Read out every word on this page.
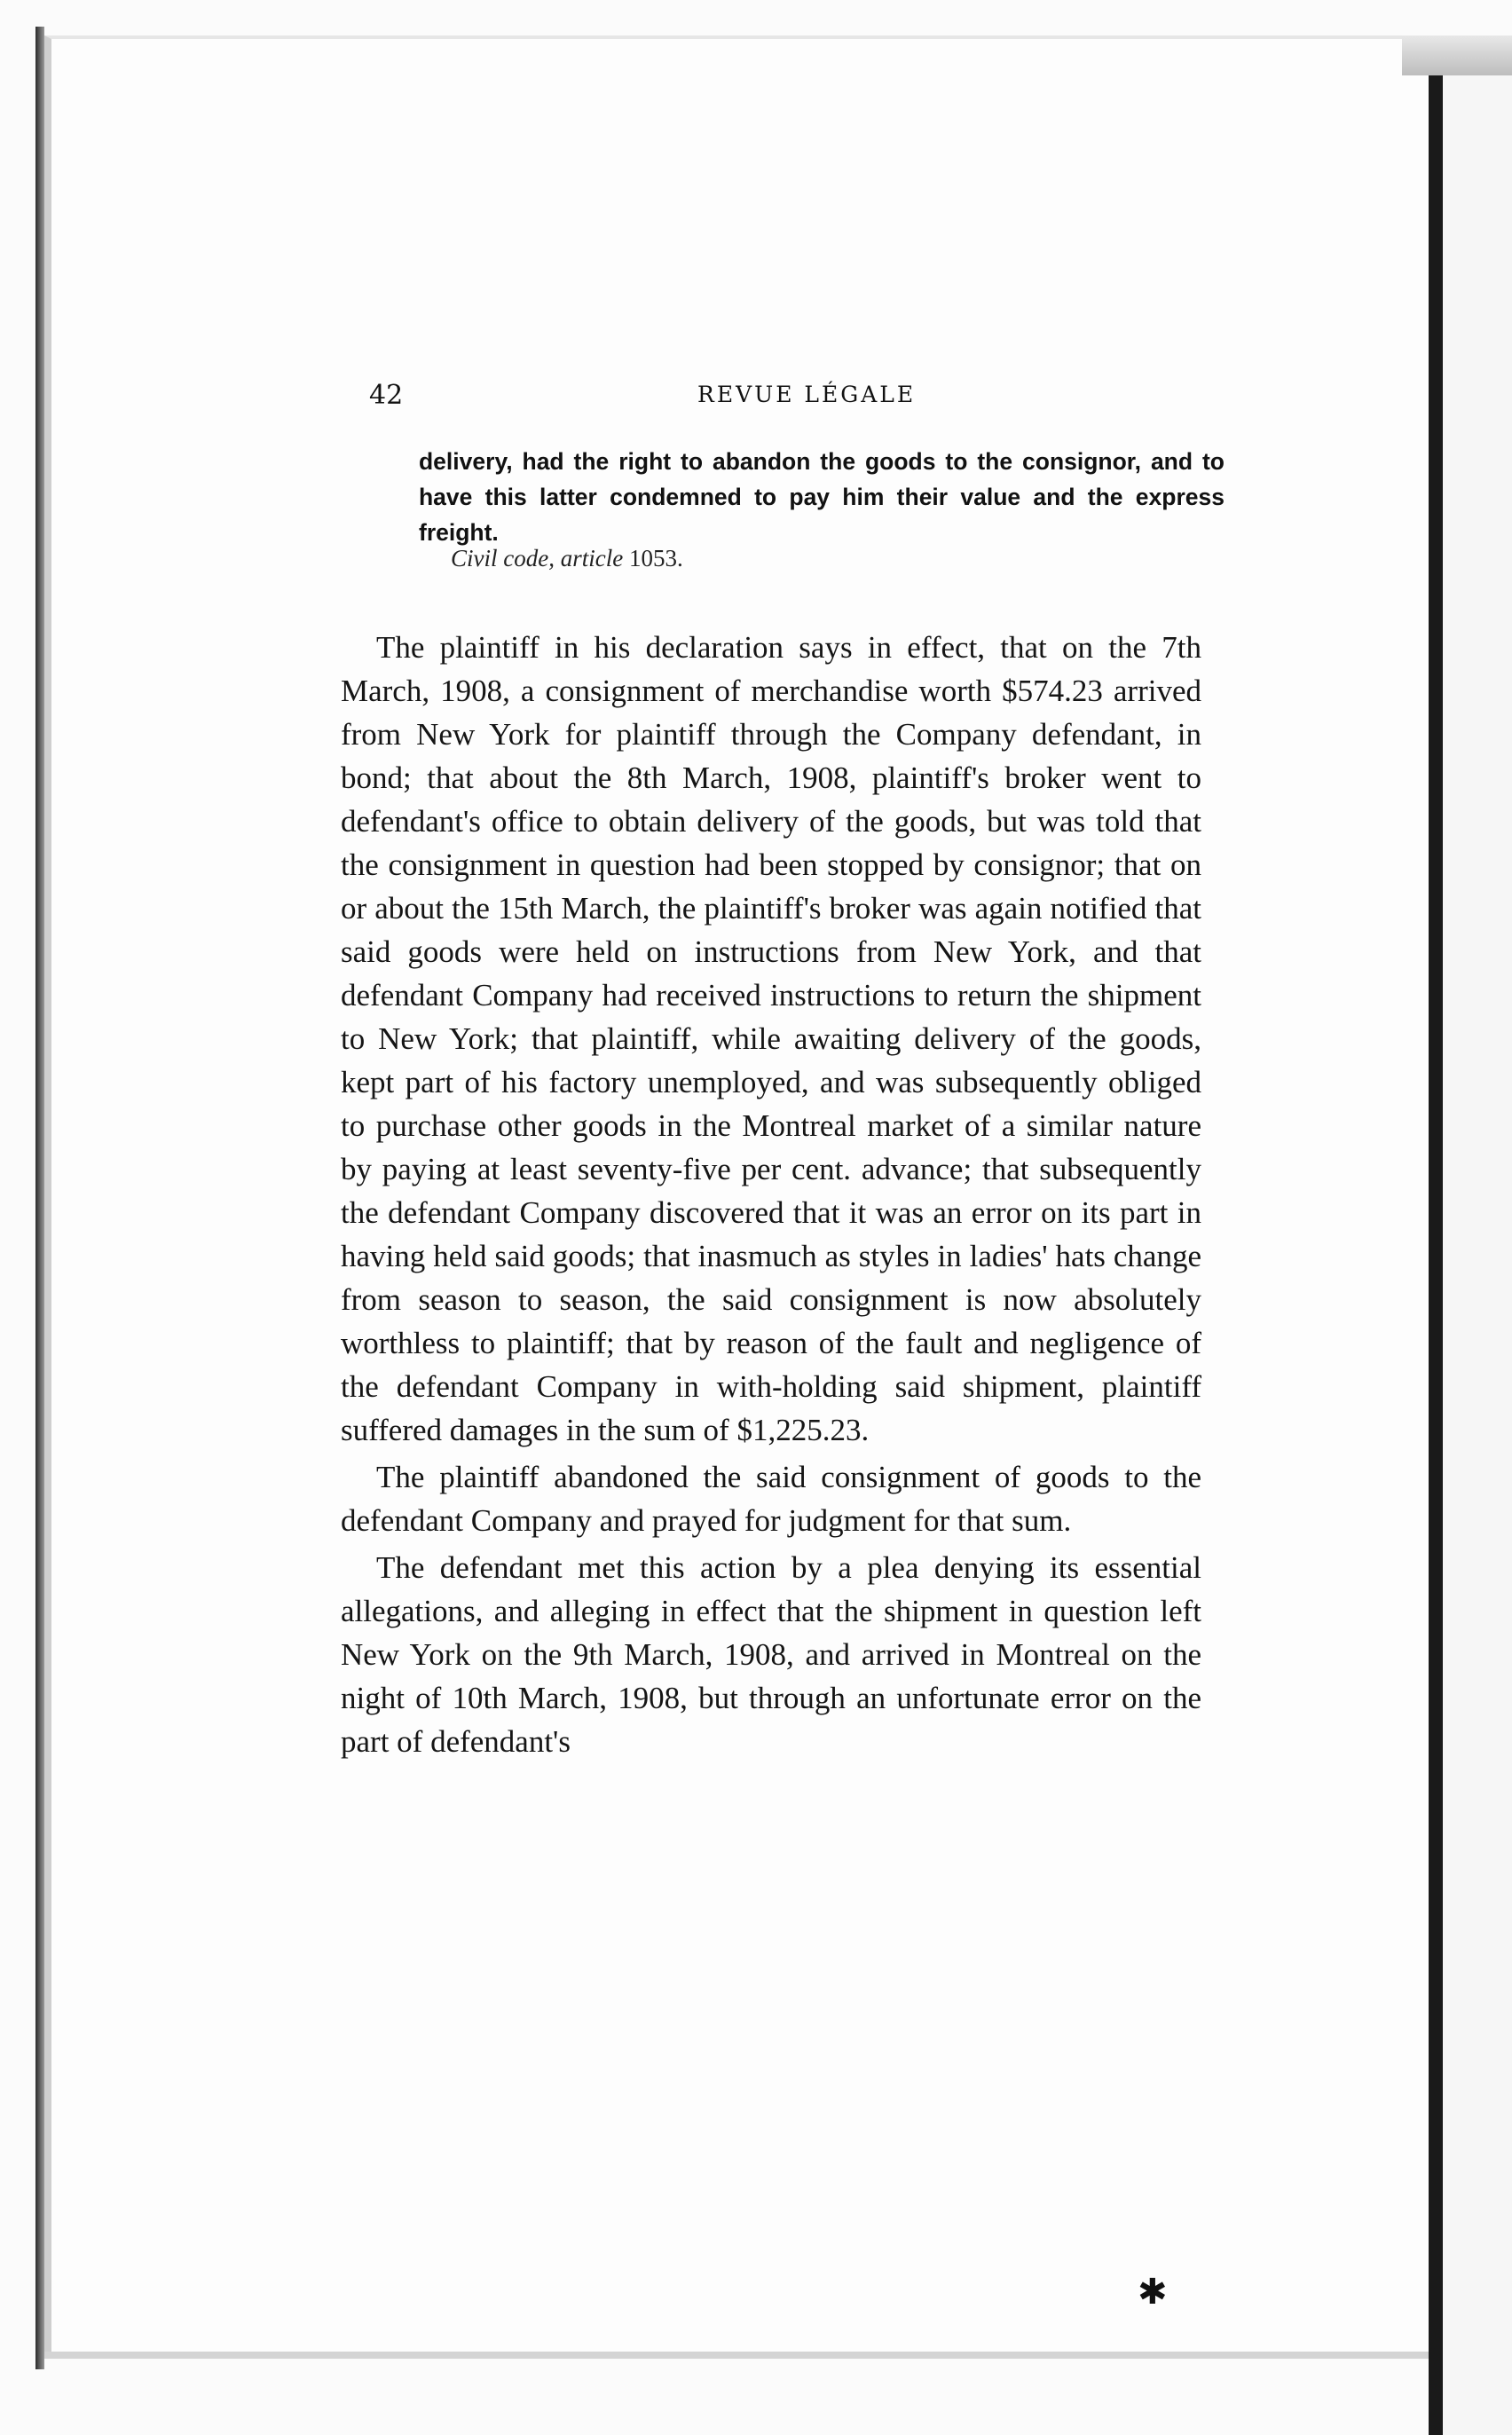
42	REVUE LÉGALE
delivery, had the right to abandon the goods to the consignor, and to have this latter condemned to pay him their value and the express freight.
Civil code, article 1053.

The plaintiff in his declaration says in effect, that on the 7th March, 1908, a consignment of merchandise worth $574.23 arrived from New York for plaintiff through the Company defendant, in bond; that about the 8th March, 1908, plaintiff's broker went to defendant's office to obtain delivery of the goods, but was told that the consignment in question had been stopped by consignor; that on or about the 15th March, the plaintiff's broker was again notified that said goods were held on instructions from New York, and that defendant Company had received instructions to return the shipment to New York; that plaintiff, while awaiting delivery of the goods, kept part of his factory unemployed, and was subsequently obliged to purchase other goods in the Montreal market of a similar nature by paying at least seventy-five per cent. advance; that subsequently the defendant Company discovered that it was an error on its part in having held said goods; that inasmuch as styles in ladies' hats change from season to season, the said consignment is now absolutely worthless to plaintiff; that by reason of the fault and negligence of the defendant Company in with-holding said shipment, plaintiff suffered damages in the sum of $1,225.23.

The plaintiff abandoned the said consignment of goods to the defendant Company and prayed for judgment for that sum.

The defendant met this action by a plea denying its essential allegations, and alleging in effect that the shipment in question left New York on the 9th March, 1908, and arrived in Montreal on the night of 10th March, 1908, but through an unfortunate error on the part of defendant's

✱
